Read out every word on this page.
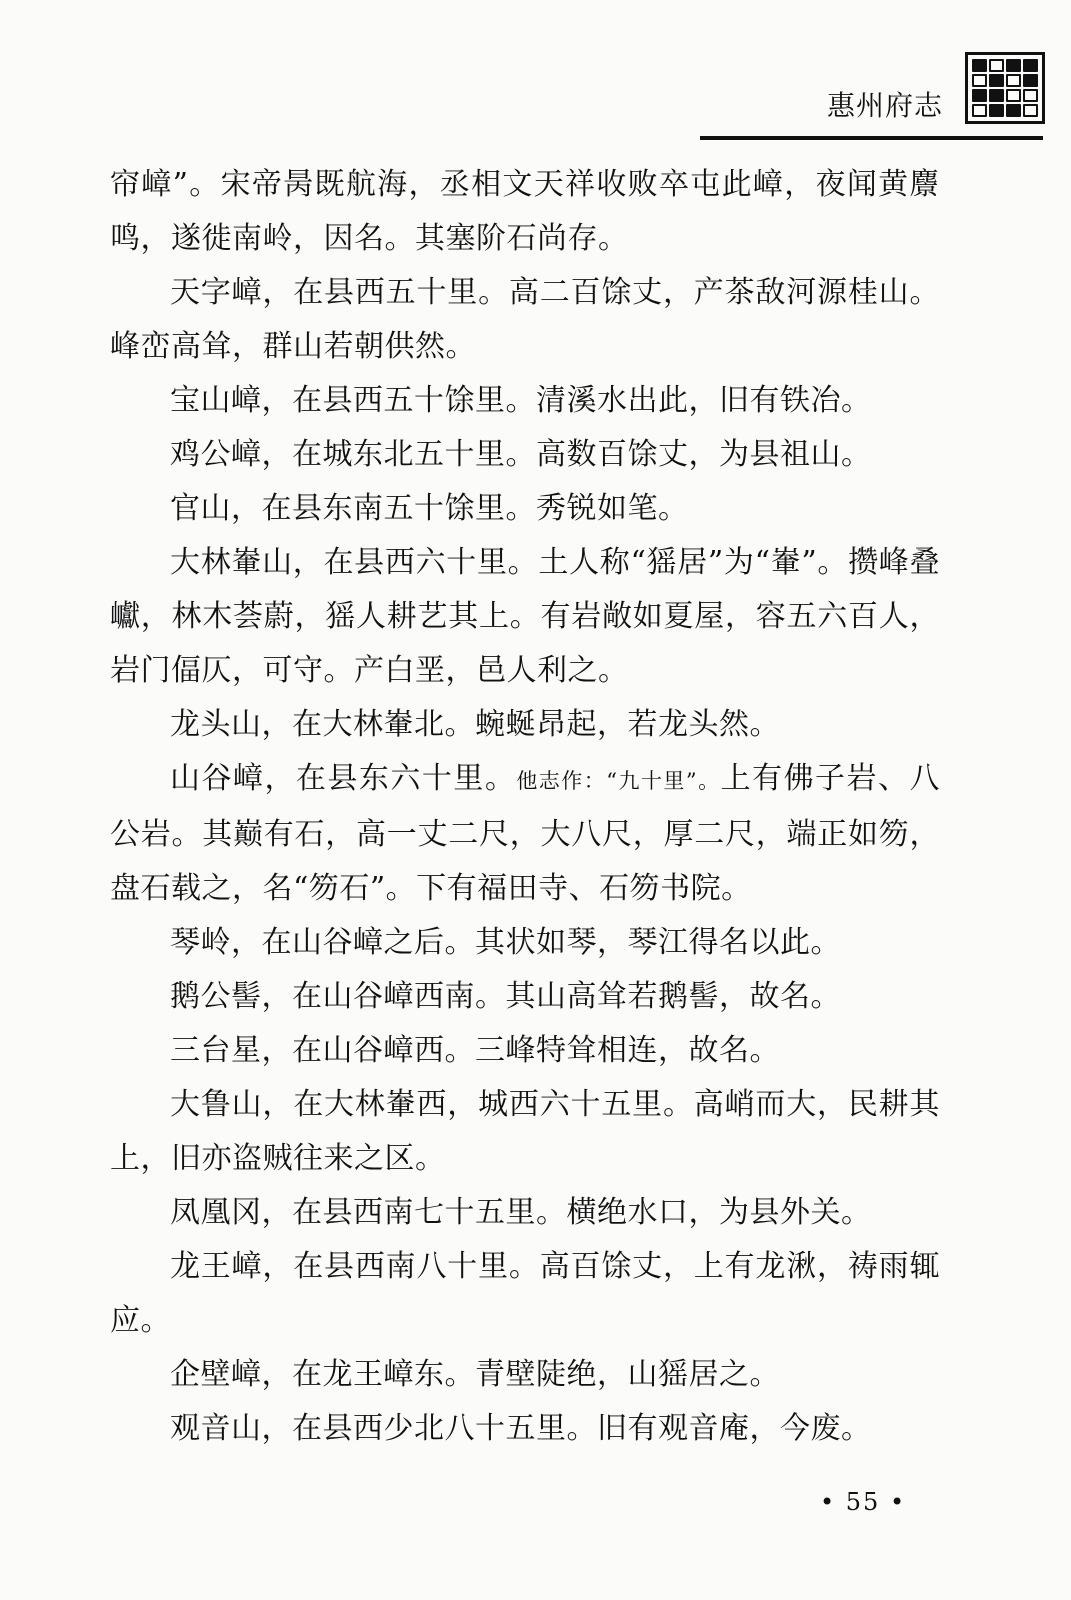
惠州府志

帘嶂”。宋帝昺既航海，丞相文天祥收败卒屯此嶂，夜闻黄麖鸣，遂徙南岭，因名。其塞阶石尚存。

天字嶂，在县西五十里。高二百馀丈，产茶敌河源桂山。峰峦高耸，群山若朝供然。

宝山嶂，在县西五十馀里。清溪水出此，旧有铁冶。

鸡公嶂，在城东北五十里。高数百馀丈，为县祖山。

官山，在县东南五十馀里。秀锐如笔。

大林輋山，在县西六十里。土人称“猺居”为“輋”。攒峰叠巘，林木荟蔚，猺人耕艺其上。有岩敞如夏屋，容五六百人，岩门偪仄，可守。产白垩，邑人利之。

龙头山，在大林輋北。蜿蜒昂起，若龙头然。

山谷嶂，在县东六十里。他志作：“九十里”。上有佛子岩、八公岩。其巅有石，高一丈二尺，大八尺，厚二尺，端正如笏，盘石载之，名“笏石”。下有福田寺、石笏书院。

琴岭，在山谷嶂之后。其状如琴，琴江得名以此。

鹅公髻，在山谷嶂西南。其山高耸若鹅髻，故名。

三台星，在山谷嶂西。三峰特耸相连，故名。

大鲁山，在大林輋西，城西六十五里。高峭而大，民耕其上，旧亦盗贼往来之区。

凤凰冈，在县西南七十五里。横绝水口，为县外关。

龙王嶂，在县西南八十里。高百馀丈，上有龙湫，祷雨辄应。

企壁嶂，在龙王嶂东。青壁陡绝，山猺居之。

观音山，在县西少北八十五里。旧有观音庵，今废。

• 55 •
